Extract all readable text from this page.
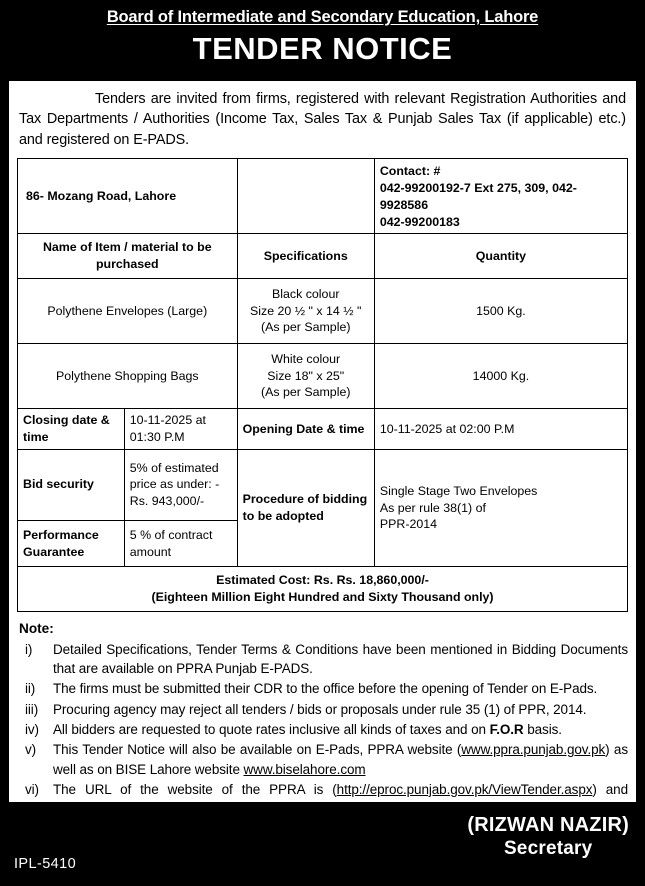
Board of Intermediate and Secondary Education, Lahore
TENDER NOTICE

Tenders are invited from firms, registered with relevant Registration Authorities and Tax Departments / Authorities (Income Tax, Sales Tax & Punjab Sales Tax (if applicable) etc.) and registered on E-PADS.

86- Mozang Road, Lahore			Contact: #
042-99200192-7 Ext 275, 309, 042-9928586
042-99200183

Name of Item / material to be purchased		Specifications	Quantity
Polythene Envelopes (Large)		Black colour
Size 20 ½ " x 14 ½ "
(As per Sample)	1500 Kg.
Polythene Shopping Bags		White colour
Size 18" x 25"
(As per Sample)	14000 Kg.
Closing date & time	10-11-2025 at 01:30 P.M	Opening Date & time	10-11-2025 at 02:00 P.M
Bid security	5% of estimated price as under: - Rs. 943,000/-	Procedure of bidding to be adopted	Single Stage Two Envelopes
As per rule 38(1) of
PPR-2014

Performance Guarantee	5 % of contract amount		

Estimated Cost: Rs. Rs. 18,860,000/-
(Eighteen Million Eight Hundred and Sixty Thousand only)			
Note:
i)	Detailed Specifications, Tender Terms & Conditions have been mentioned in Bidding Documents that are available on PPRA Punjab E-PADS.
ii)	The firms must be submitted their CDR to the office before the opening of Tender on E-Pads.
iii)	Procuring agency may reject all tenders / bids or proposals under rule 35 (1) of PPR, 2014.
iv)	All bidders are requested to quote rates inclusive all kinds of taxes and on F.O.R basis.
v)	This Tender Notice will also be available on E-Pads, PPRA website (www.ppra.punjab.gov.pk) as well as on BISE Lahore website www.biselahore.com
vi)	The URL of the website of the PPRA is (http://eproc.punjab.gov.pk/ViewTender.aspx) and
(RIZWAN NAZIR)
Secretary
IPL-5410
